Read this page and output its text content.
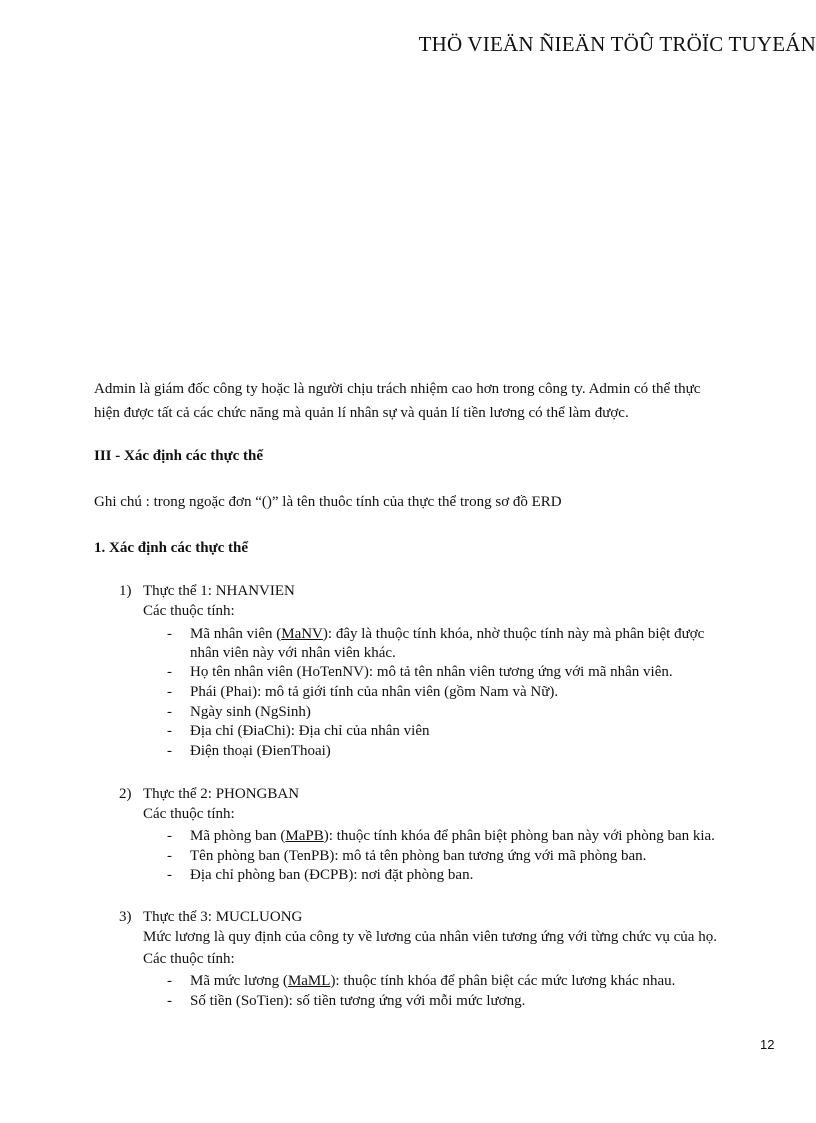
THÖ VIEÄN ÑIEÄN TÖÛ TRÖÏC TUYEÁN
Admin là giám đốc công ty hoặc là người chịu trách nhiệm cao hơn trong công ty. Admin có thể thực
hiện được tất cả các chức năng mà quản lí nhân sự và quản lí tiền lương có thể làm được.
III - Xác định các thực thể
Ghi chú : trong ngoặc đơn “()” là tên thuôc tính của thực thể trong sơ đồ ERD
1. Xác định các thực thể
1) Thực thể 1: NHANVIEN
Các thuộc tính:
- Mã nhân viên (MaNV): đây là thuộc tính khóa, nhờ thuộc tính này mà phân biệt được
nhân viên này với nhân viên khác.
- Họ tên nhân viên (HoTenNV): mô tả tên nhân viên tương ứng với mã nhân viên.
- Phái (Phai): mô tả giới tính của nhân viên (gồm Nam và Nữ).
- Ngày sinh (NgSinh)
- Địa chỉ (ĐiaChi): Địa chỉ của nhân viên
- Điện thoại (ĐienThoai)
2) Thực thể 2: PHONGBAN
Các thuộc tính:
- Mã phòng ban (MaPB): thuộc tính khóa để phân biệt phòng ban này với phòng ban kia.
- Tên phòng ban (TenPB): mô tả tên phòng ban tương ứng với mã phòng ban.
- Địa chỉ phòng ban (ĐCPB): nơi đặt phòng ban.
3) Thực thể 3: MUCLUONG
Mức lương là quy định của công ty về lương của nhân viên tương ứng với từng chức vụ của họ.
Các thuộc tính:
- Mã mức lương (MaML): thuộc tính khóa để phân biệt các mức lương khác nhau.
- Số tiền (SoTien): số tiền tương ứng với mỗi mức lương.
12
